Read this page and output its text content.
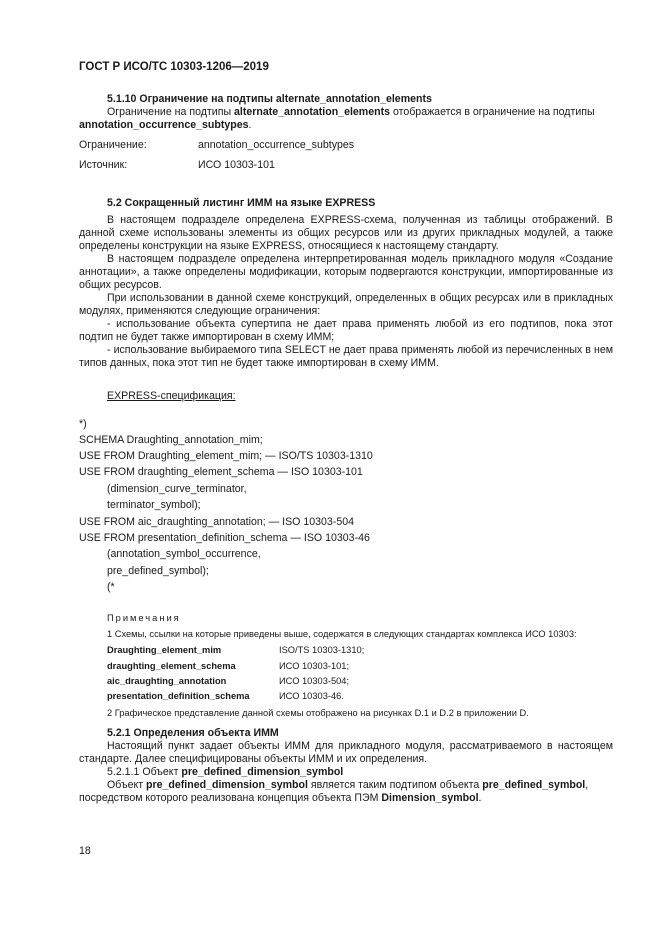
ГОСТ Р ИСО/ТС 10303-1206—2019
5.1.10 Ограничение на подтипы alternate_annotation_elements
Ограничение на подтипы alternate_annotation_elements отображается в ограничение на подтипы
annotation_occurrence_subtypes.
Ограничение:	annotation_occurrence_subtypes
Источник:	ИСО 10303-101
5.2 Сокращенный листинг ИММ на языке EXPRESS

В настоящем подразделе определена EXPRESS-схема, полученная из таблицы отображений. В данной схеме использованы элементы из общих ресурсов или из других прикладных модулей, а также определены конструкции на языке EXPRESS, относящиеся к настоящему стандарту.

В настоящем подразделе определена интерпретированная модель прикладного модуля «Создание аннотации», а также определены модификации, которым подвергаются конструкции, импортированные из общих ресурсов.

При использовании в данной схеме конструкций, определенных в общих ресурсах или в прикладных модулях, применяются следующие ограничения:

- использование объекта супертипа не дает права применять любой из его подтипов, пока этот подтип не будет также импортирован в схему ИММ;

- использование выбираемого типа SELECT не дает права применять любой из перечисленных в нем типов данных, пока этот тип не будет также импортирован в схему ИММ.

EXPRESS-спецификация:
*)
SCHEMA Draughting_annotation_mim;
USE FROM Draughting_element_mim; — ISO/TS 10303-1310
USE FROM draughting_element_schema — ISO 10303-101
(dimension_curve_terminator,
terminator_symbol);
USE FROM aic_draughting_annotation; — ISO 10303-504
USE FROM presentation_definition_schema — ISO 10303-46
(annotation_symbol_occurrence,
pre_defined_symbol);
(*
Примечания
1 Схемы, ссылки на которые приведены выше, содержатся в следующих стандартах комплекса ИСО 10303:
Draughting_element_mim	ISO/TS 10303-1310;
draughting_element_schema	ИСО 10303-101;
aic_draughting_annotation	ИСО 10303-504;
presentation_definition_schema	ИСО 10303-46.
2 Графическое представление данной схемы отображено на рисунках D.1 и D.2 в приложении D.
5.2.1 Определения объекта ИММ

Настоящий пункт задает объекты ИММ для прикладного модуля, рассматриваемого в настоящем стандарте. Далее специфицированы объекты ИММ и их определения.

5.2.1.1 Объект pre_defined_dimension_symbol
Объект pre_defined_dimension_symbol является таким подтипом объекта pre_defined_symbol,
посредством которого реализована концепция объекта ПЭМ Dimension_symbol.
18
